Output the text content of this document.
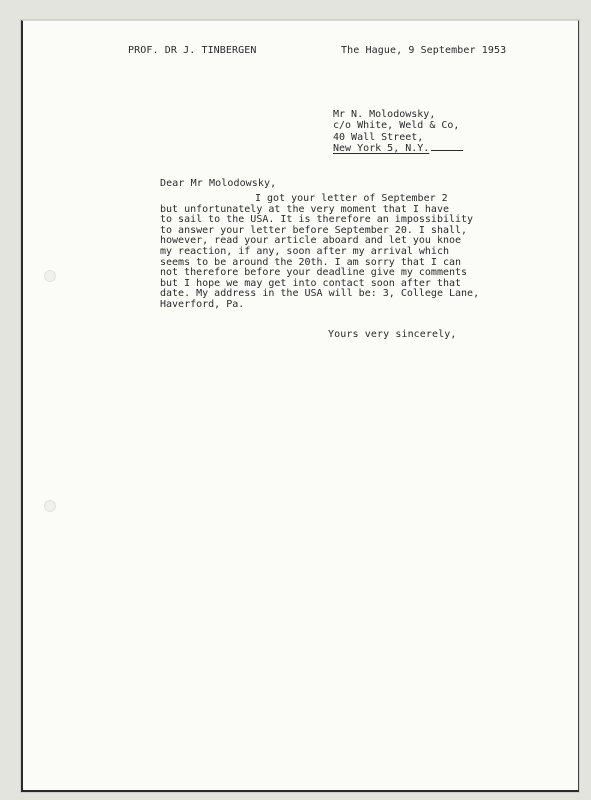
PROF. DR J. TINBERGEN	The Hague, 9 September 1953
Mr N. Molodowsky,
c/o White, Weld & Co,
40 Wall Street,
New York 5, N.Y.
Dear Mr Molodowsky,
I got your letter of September 2
but unfortunately at the very moment that I have
to sail to the USA. It is therefore an impossibility
to answer your letter before September 20. I shall,
however, read your article aboard and let you knoe
my reaction, if any, soon after my arrival which
seems to be around the 20th. I am sorry that I can
not therefore before your deadline give my comments
but I hope we may get into contact soon after that
date. My address in the USA will be: 3, College Lane,
Haverford, Pa.
Yours very sincerely,
